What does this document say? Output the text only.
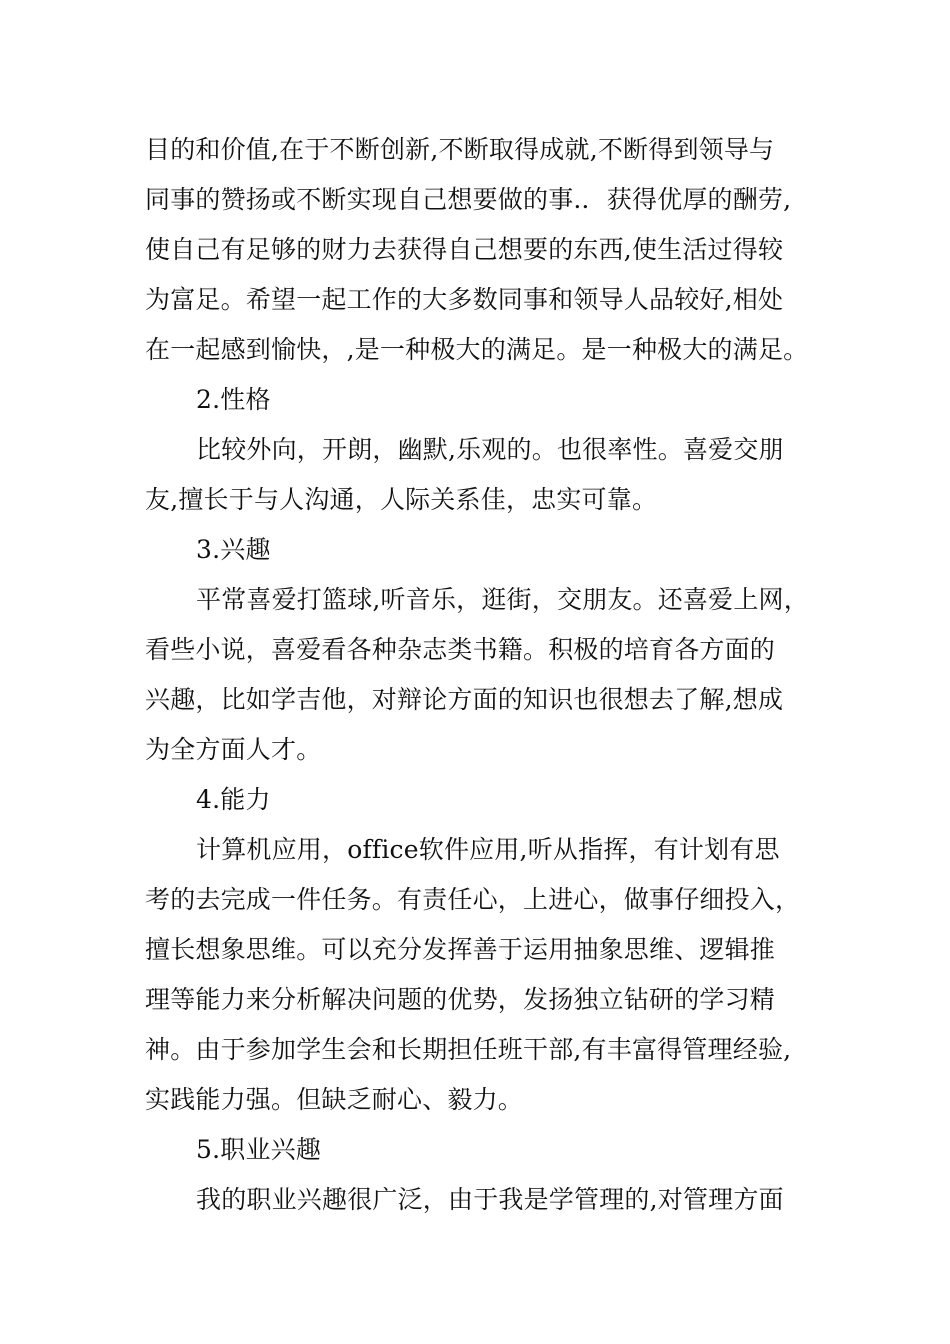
目的和价值,在于不断创新,不断取得成就,不断得到领导与
同事的赞扬或不断实现自己想要做的事.．获得优厚的酬劳,
使自己有足够的财力去获得自己想要的东西,使生活过得较
为富足。希望一起工作的大多数同事和领导人品较好,相处
在一起感到愉快，,是一种极大的满足。是一种极大的满足。
2.性格
比较外向，开朗，幽默,乐观的。也很率性。喜爱交朋
友,擅长于与人沟通，人际关系佳，忠实可靠。
3.兴趣
平常喜爱打篮球,听音乐，逛街，交朋友。还喜爱上网，
看些小说，喜爱看各种杂志类书籍。积极的培育各方面的
兴趣，比如学吉他，对辩论方面的知识也很想去了解,想成
为全方面人才。
4.能力
计算机应用，office软件应用,听从指挥，有计划有思
考的去完成一件任务。有责任心，上进心，做事仔细投入，
擅长想象思维。可以充分发挥善于运用抽象思维、逻辑推
理等能力来分析解决问题的优势，发扬独立钻研的学习精
神。由于参加学生会和长期担任班干部,有丰富得管理经验,
实践能力强。但缺乏耐心、毅力。
5.职业兴趣
我的职业兴趣很广泛，由于我是学管理的,对管理方面
